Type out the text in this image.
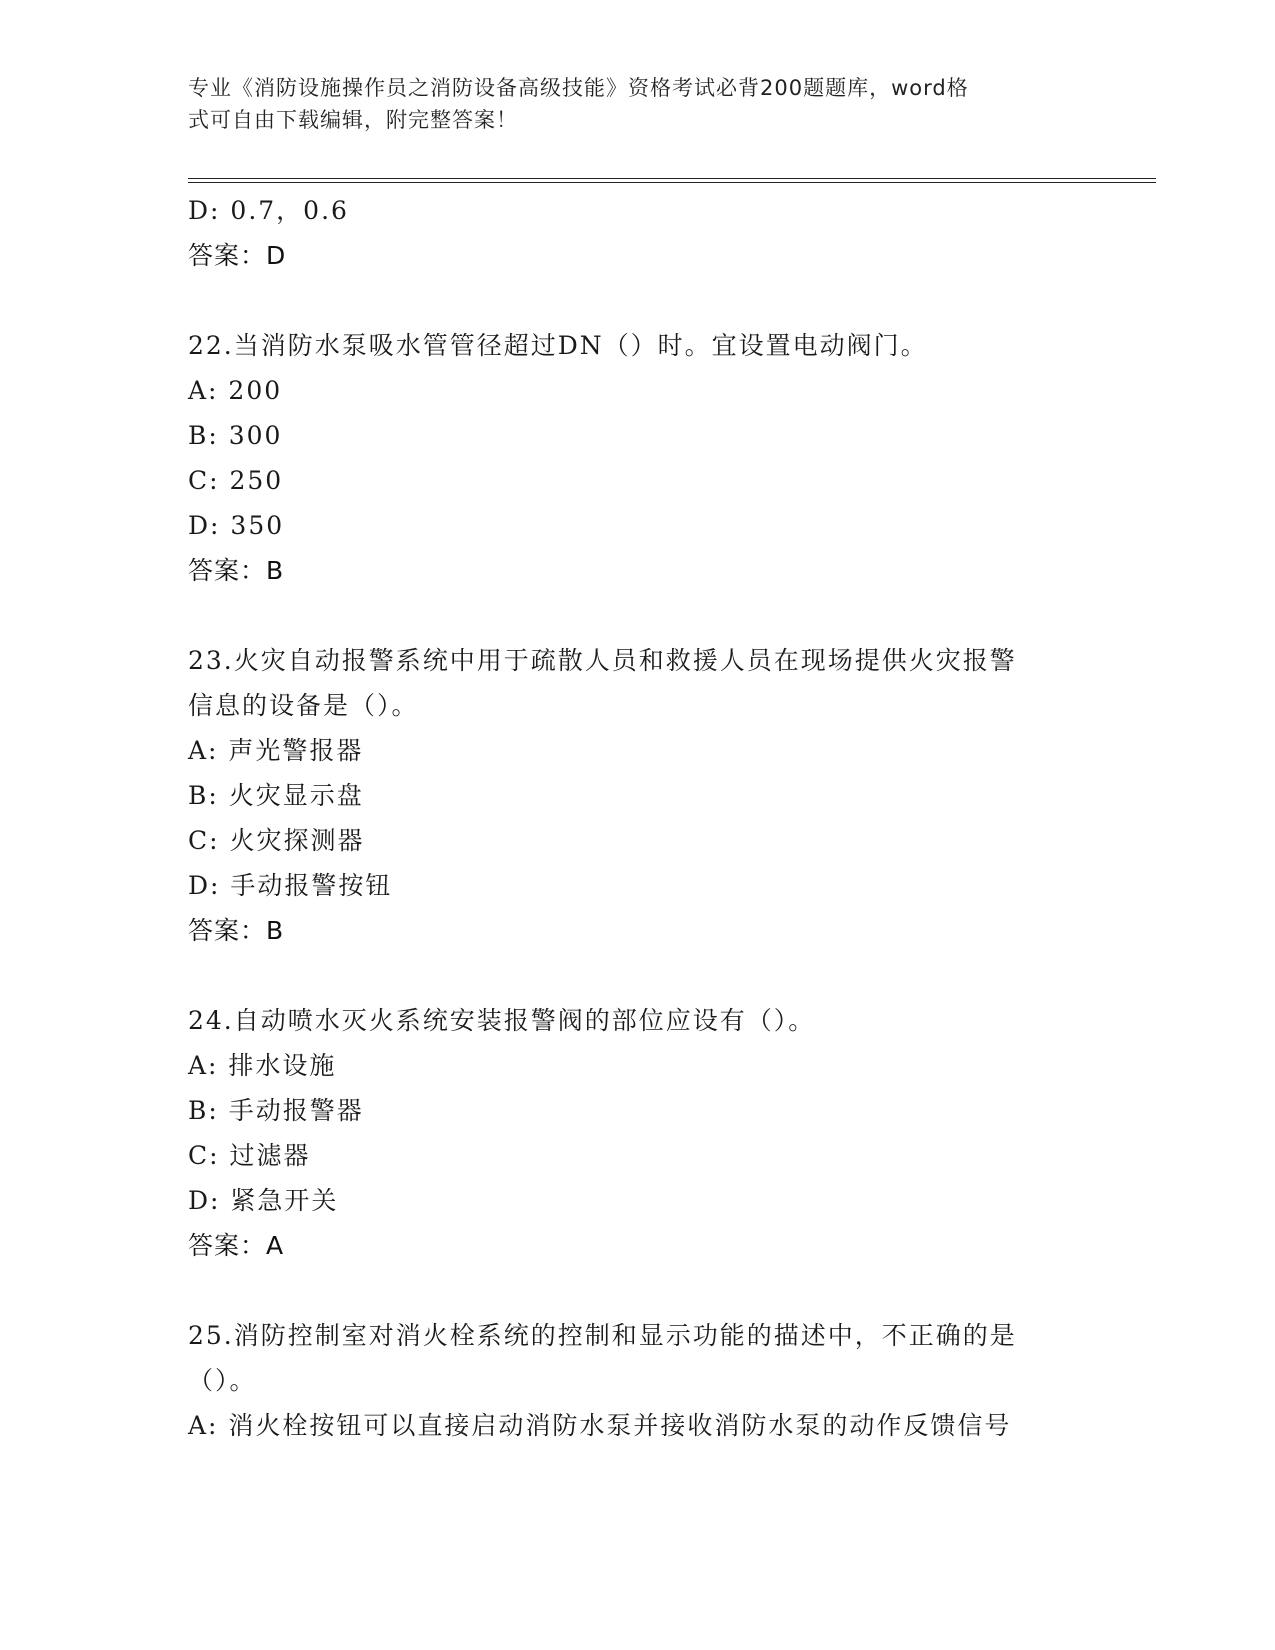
专业《消防设施操作员之消防设备高级技能》资格考试必背200题题库，word格
式可自由下载编辑，附完整答案！
D: 0.7，0.6
答案：D
22.当消防水泵吸水管管径超过DN（）时。宜设置电动阀门。
A: 200
B: 300
C: 250
D: 350
答案：B
23.火灾自动报警系统中用于疏散人员和救援人员在现场提供火灾报警
信息的设备是（）。
A: 声光警报器
B: 火灾显示盘
C: 火灾探测器
D: 手动报警按钮
答案：B
24.自动喷水灭火系统安装报警阀的部位应设有（）。
A: 排水设施
B: 手动报警器
C: 过滤器
D: 紧急开关
答案：A
25.消防控制室对消火栓系统的控制和显示功能的描述中，不正确的是
（）。
A: 消火栓按钮可以直接启动消防水泵并接收消防水泵的动作反馈信号
